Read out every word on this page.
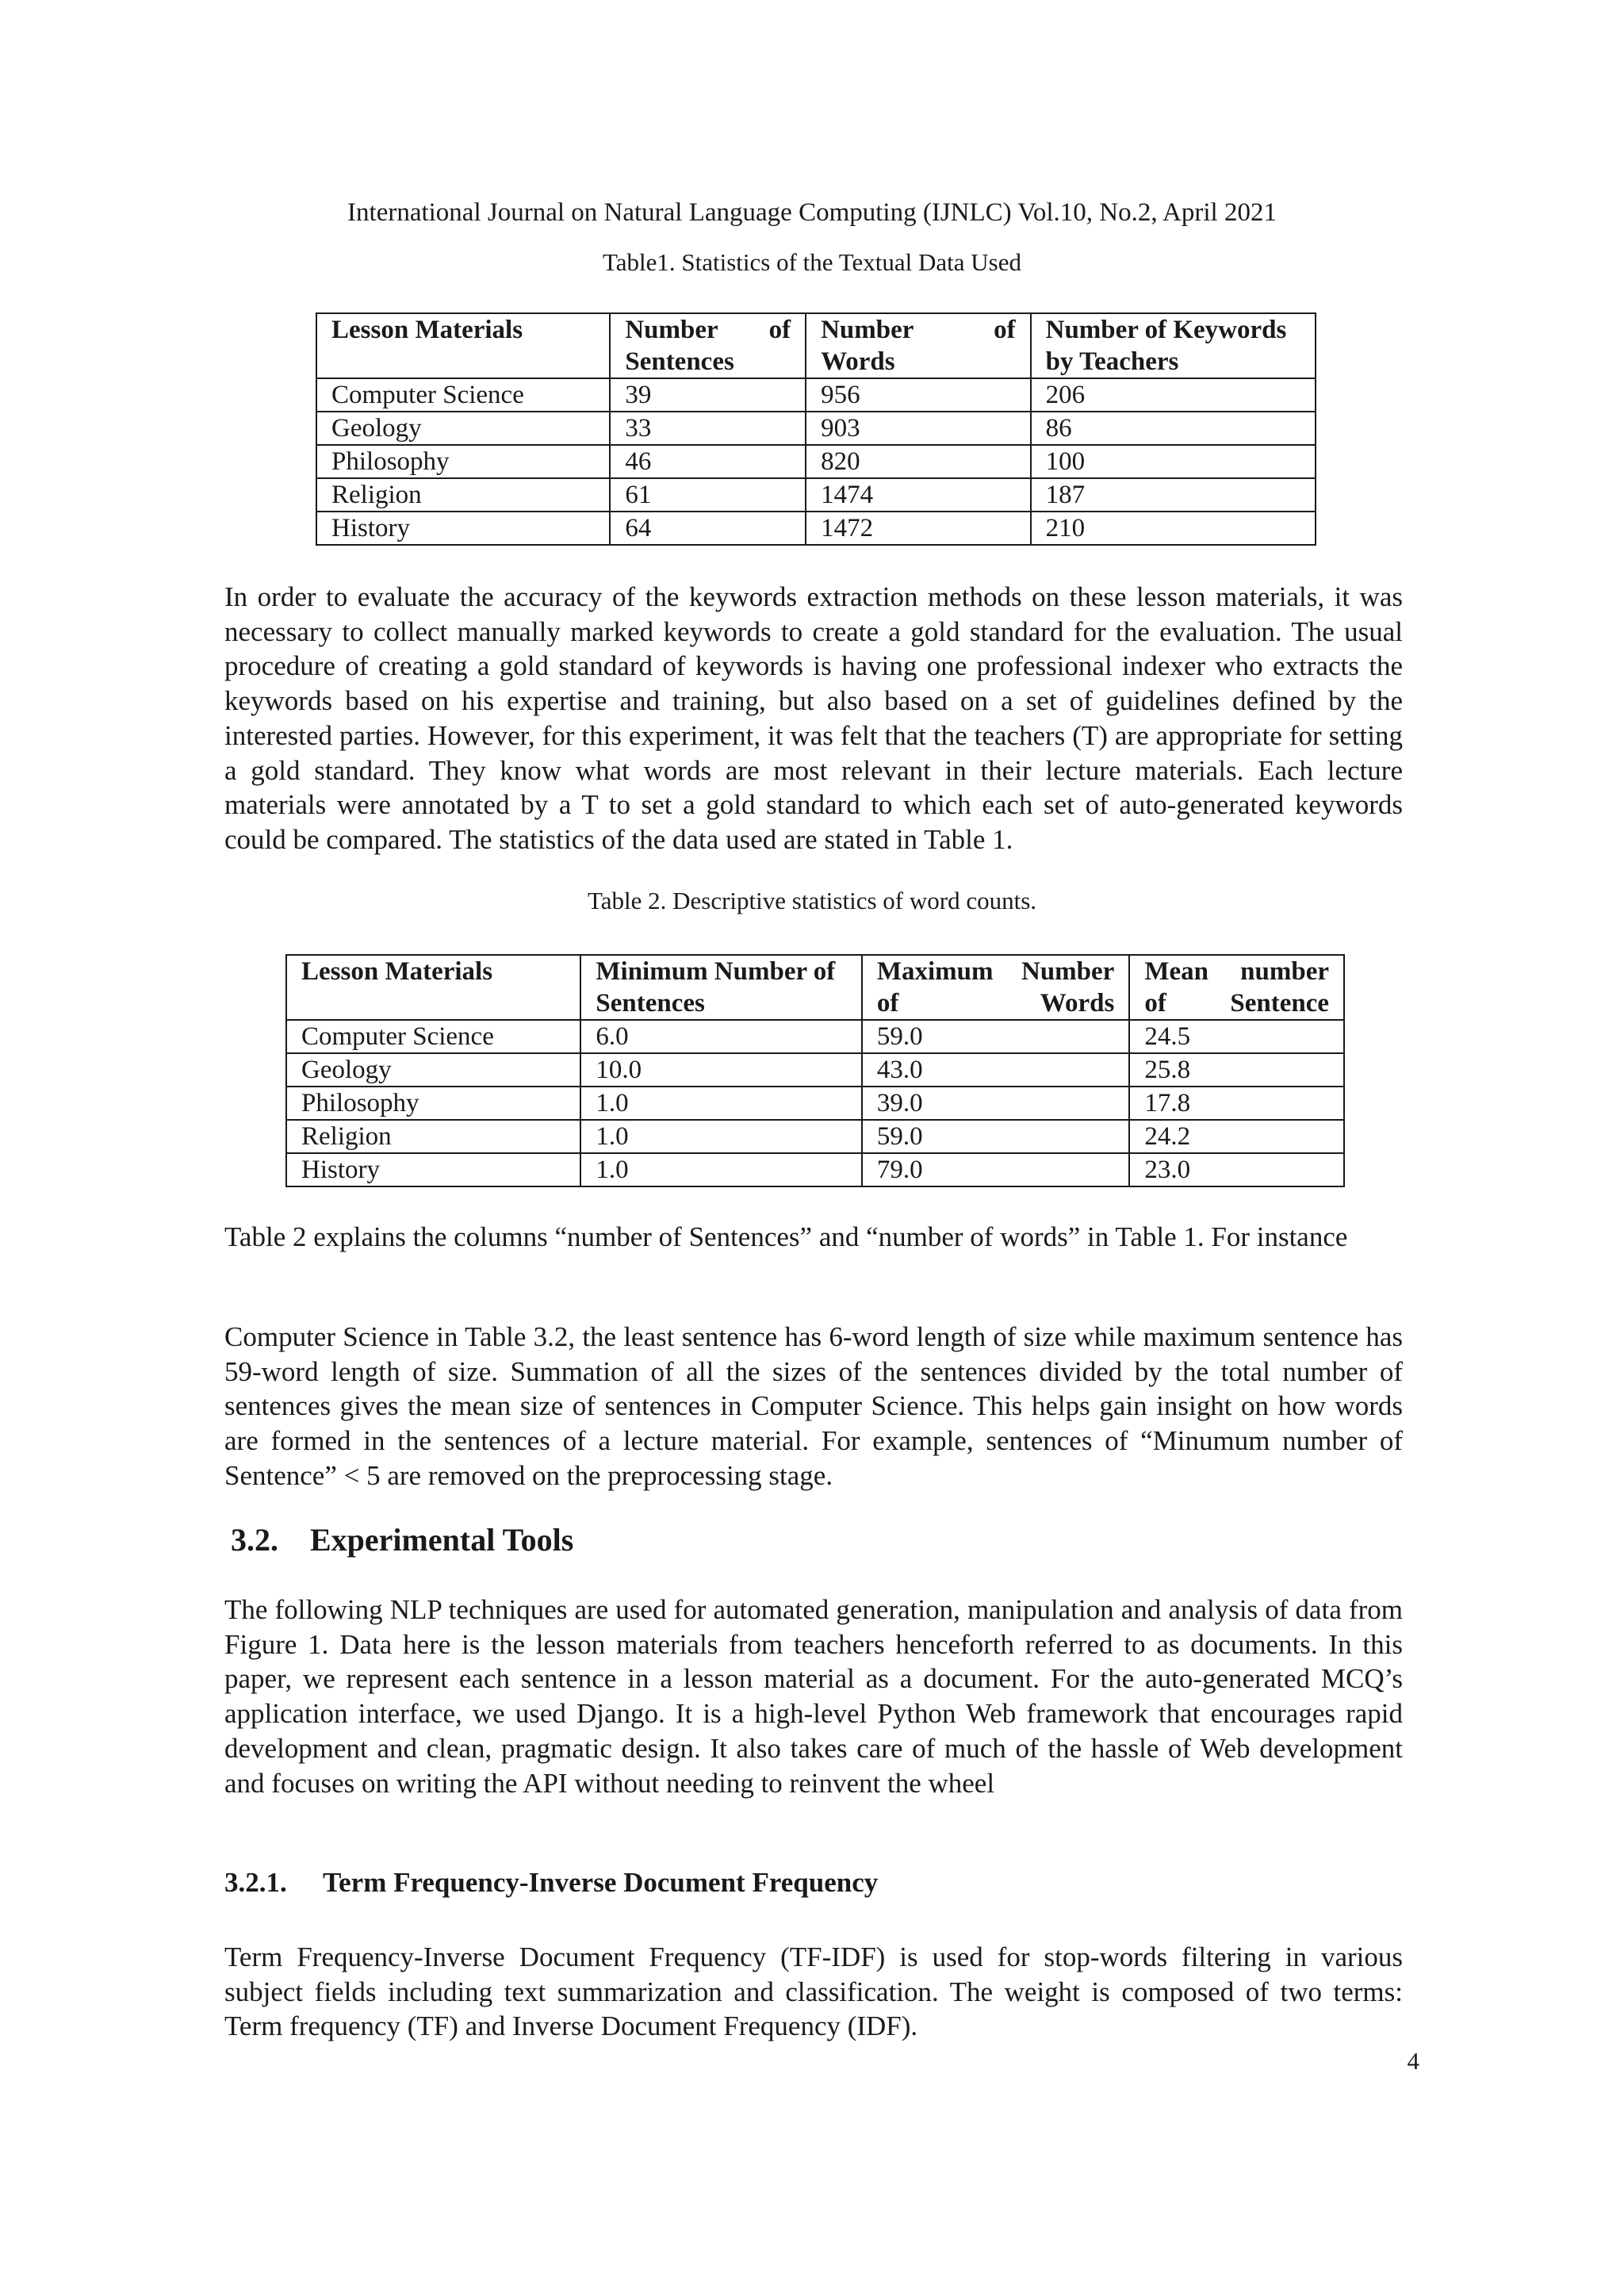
International Journal on Natural Language Computing (IJNLC) Vol.10, No.2, April 2021
Table1. Statistics of the Textual Data Used
Lesson Materials	Number of Sentences	Number of Words	Number of Keywords by Teachers
Computer Science	39	956	206
Geology	33	903	86
Philosophy	46	820	100
Religion	61	1474	187
History	64	1472	210

In order to evaluate the accuracy of the keywords extraction methods on these lesson materials, it was necessary to collect manually marked keywords to create a gold standard for the evaluation. The usual procedure of creating a gold standard of keywords is having one professional indexer who extracts the keywords based on his expertise and training, but also based on a set of guidelines defined by the interested parties. However, for this experiment, it was felt that the teachers (T) are appropriate for setting a gold standard. They know what words are most relevant in their lecture materials. Each lecture materials were annotated by a T to set a gold standard to which each set of auto-generated keywords could be compared. The statistics of the data used are stated in Table 1.

Table 2. Descriptive statistics of word counts.
Lesson Materials	Minimum Number of Sentences	Maximum Number of Words	Mean number of Sentence
Computer Science	6.0	59.0	24.5
Geology	10.0	43.0	25.8
Philosophy	1.0	39.0	17.8
Religion	1.0	59.0	24.2
History	1.0	79.0	23.0

Table 2 explains the columns “number of Sentences” and “number of words” in Table 1. For instance

Computer Science in Table 3.2, the least sentence has 6-word length of size while maximum sentence has 59-word length of size. Summation of all the sizes of the sentences divided by the total number of sentences gives the mean size of sentences in Computer Science. This helps gain insight on how words are formed in the sentences of a lecture material. For example, sentences of “Minumum number of Sentence” < 5 are removed on the preprocessing stage.

3.2. Experimental Tools

The following NLP techniques are used for automated generation, manipulation and analysis of data from Figure 1. Data here is the lesson materials from teachers henceforth referred to as documents. In this paper, we represent each sentence in a lesson material as a document. For the auto-generated MCQ’s application interface, we used Django. It is a high-level Python Web framework that encourages rapid development and clean, pragmatic design. It also takes care of much of the hassle of Web development and focuses on writing the API without needing to reinvent the wheel

3.2.1. Term Frequency-Inverse Document Frequency

Term Frequency-Inverse Document Frequency (TF-IDF) is used for stop-words filtering in various subject fields including text summarization and classification. The weight is composed of two terms: Term frequency (TF) and Inverse Document Frequency (IDF).

4
